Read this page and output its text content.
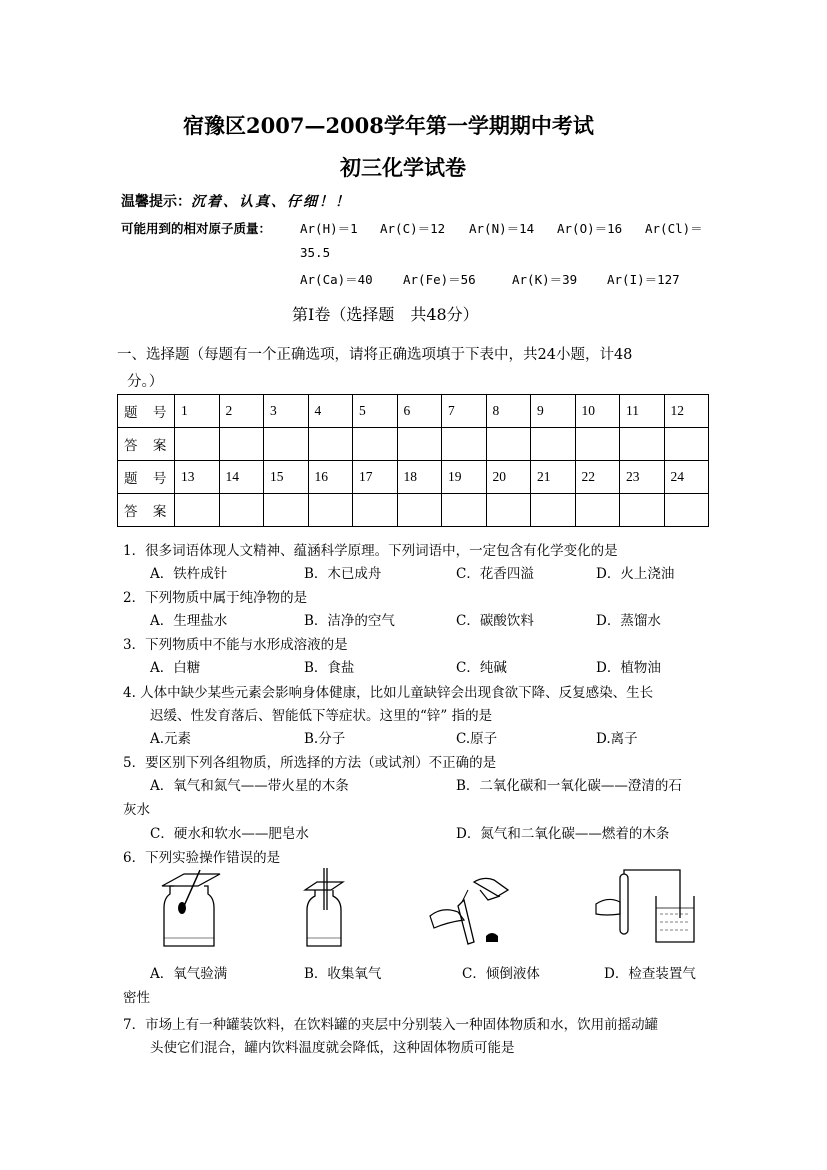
宿豫区2007—2008学年第一学期期中考试
初三化学试卷
温馨提示：沉着、认真、仔细！！
可能用到的相对原子质量： Ar(H)＝1 Ar(C)＝12 Ar(N)＝14 Ar(O)＝16 Ar(Cl)＝
35.5
Ar(Ca)＝40 Ar(Fe)＝56	Ar(K)＝39 Ar(I)＝127
第Ⅰ卷（选择题　共48分）
一、选择题（每题有一个正确选项，请将正确选项填于下表中，共24小题，计48
分。）
题 号	1	2	3	4	5	6	7	8	9	10	11	12
答 案												
题 号	13	14	15	16	17	18	19	20	21	22	23	24
答 案												
1．很多词语体现人文精神、蕴涵科学原理。下列词语中，一定包含有化学变化的是
A．铁杵成针	B．木已成舟	C．花香四溢	D．火上浇油
2．下列物质中属于纯净物的是
A．生理盐水	B．洁净的空气	C．碳酸饮料	D．蒸馏水
3．下列物质中不能与水形成溶液的是
A．白糖	B．食盐	C．纯碱	D．植物油
4. 人体中缺少某些元素会影响身体健康，比如儿童缺锌会出现食欲下降、反复感染、生长
迟缓、性发育落后、智能低下等症状。这里的“锌” 指的是
A.元素	B.分子	C.原子	D.离子
5．要区别下列各组物质，所选择的方法（或试剂）不正确的是
A．氧气和氮气——带火星的木条	B．二氧化碳和一氧化碳——澄清的石
灰水
C．硬水和软水——肥皂水	D．氮气和二氧化碳——燃着的木条
6．下列实验操作错误的是
A．氧气验满	B．收集氧气	C．倾倒液体	D．检查装置气
密性
7．市场上有一种罐装饮料，在饮料罐的夹层中分别装入一种固体物质和水，饮用前摇动罐
头使它们混合，罐内饮料温度就会降低，这种固体物质可能是
